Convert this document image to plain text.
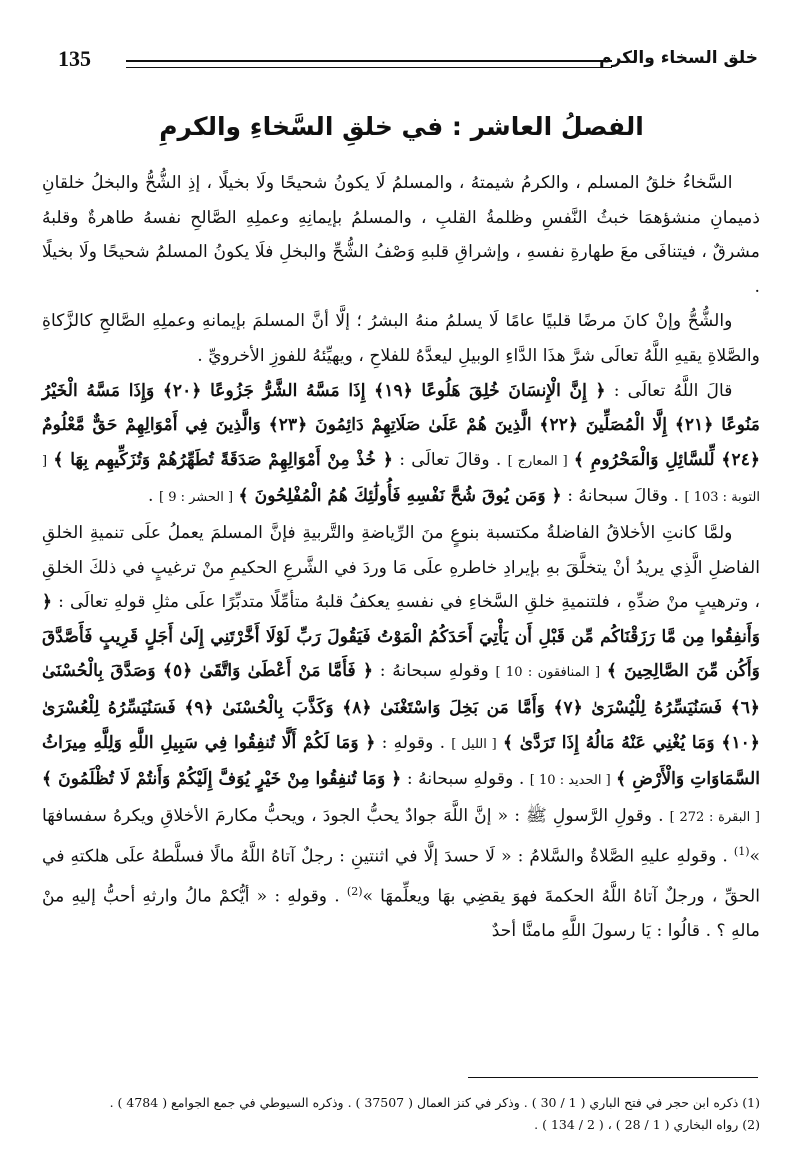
135	خلق السخاء والكرم
الفصلُ العاشر : في خلقِ السَّخاءِ والكرمِ

السَّخاءُ خلقُ المسلم ، والكرمُ شيمتهُ ، والمسلمُ لَا يكونُ شحيحًا ولَا بخيلًا ، إذِ الشُّحُّ والبخلُ خلقانِ ذميمانِ منشؤهمَا خبثُ النَّفسِ وظلمةُ القلبِ ، والمسلمُ بإيمانِهِ وعملِهِ الصَّالحِ نفسهُ طاهرةٌ وقلبهُ مشرقٌ ، فيتنافَى معَ طهارةِ نفسهِ ، وإشراقِ قلبهِ وَصْفُ الشُّحِّ والبخلِ فلَا يكونُ المسلمُ شحيحًا ولَا بخيلًا .

والشُّحُّ وإنْ كانَ مرضًا قلبيًا عامًا لَا يسلمُ منهُ البشرُ ؛ إلَّا أنَّ المسلمَ بإيمانهِ وعملِهِ الصَّالحِ كالزَّكاةِ والصَّلاةِ يقيهِ اللَّهُ تعالَى شرَّ هذَا الدَّاءِ الوبيلِ ليعدَّهُ للفلاحِ ، ويهيِّئهُ للفوزِ الأخرويِّ .

قالَ اللَّهُ تعالَى : ﴿ إِنَّ الْإِنسَانَ خُلِقَ هَلُوعًا ﴿١٩﴾ إِذَا مَسَّهُ الشَّرُّ جَزُوعًا ﴿٢٠﴾ وَإِذَا مَسَّهُ الْخَيْرُ مَنُوعًا ﴿٢١﴾ إِلَّا الْمُصَلِّينَ ﴿٢٢﴾ الَّذِينَ هُمْ عَلَىٰ صَلَاتِهِمْ دَائِمُونَ ﴿٢٣﴾ وَالَّذِينَ فِي أَمْوَالِهِمْ حَقٌّ مَّعْلُومٌ ﴿٢٤﴾ لِّلسَّائِلِ وَالْمَحْرُومِ ﴾ [ المعارج ] . وقالَ تعالَى : ﴿ خُذْ مِنْ أَمْوَالِهِمْ صَدَقَةً تُطَهِّرُهُمْ وَتُزَكِّيهِم بِهَا ﴾ [ التوبة : 103 ] . وقالَ سبحانهُ : ﴿ وَمَن يُوقَ شُحَّ نَفْسِهِ فَأُولَٰئِكَ هُمُ الْمُفْلِحُونَ ﴾ [ الحشر : 9 ] .

ولمَّا كانتِ الأخلاقُ الفاضلةُ مكتسبة بنوعٍ منَ الرِّياضةِ والتَّربيةِ فإنَّ المسلمَ يعملُ علَى تنميةِ الخلقِ الفاضلِ الَّذِي يريدُ أنْ يتخلَّقَ بهِ بإيرادِ خاطرهِ علَى مَا وردَ في الشَّرعِ الحكيمِ منْ ترغيبٍ في ذلكَ الخلقِ ، وترهيبٍ منْ ضدِّهِ ، فلتنميةِ خلقِ السَّخاءِ في نفسهِ يعكفُ قلبهُ متأمِّلًا متدبِّرًا علَى مثلِ قولهِ تعالَى : ﴿ وَأَنفِقُوا مِن مَّا رَزَقْنَاكُم مِّن قَبْلِ أَن يَأْتِيَ أَحَدَكُمُ الْمَوْتُ فَيَقُولَ رَبِّ لَوْلَا أَخَّرْتَنِي إِلَىٰ أَجَلٍ قَرِيبٍ فَأَصَّدَّقَ وَأَكُن مِّنَ الصَّالِحِينَ ﴾ [ المنافقون : 10 ] وقولهِ سبحانهُ : ﴿ فَأَمَّا مَنْ أَعْطَىٰ وَاتَّقَىٰ ﴿٥﴾ وَصَدَّقَ بِالْحُسْنَىٰ ﴿٦﴾ فَسَنُيَسِّرُهُ لِلْيُسْرَىٰ ﴿٧﴾ وَأَمَّا مَن بَخِلَ وَاسْتَغْنَىٰ ﴿٨﴾ وَكَذَّبَ بِالْحُسْنَىٰ ﴿٩﴾ فَسَنُيَسِّرُهُ لِلْعُسْرَىٰ ﴿١٠﴾ وَمَا يُغْنِي عَنْهُ مَالُهُ إِذَا تَرَدَّىٰ ﴾ [ الليل ] . وقولهِ : ﴿ وَمَا لَكُمْ أَلَّا تُنفِقُوا فِي سَبِيلِ اللَّهِ وَلِلَّهِ مِيرَاثُ السَّمَاوَاتِ وَالْأَرْضِ ﴾ [ الحديد : 10 ] . وقولهِ سبحانهُ : ﴿ وَمَا تُنفِقُوا مِنْ خَيْرٍ يُوَفَّ إِلَيْكُمْ وَأَنتُمْ لَا تُظْلَمُونَ ﴾ [ البقرة : 272 ] . وقولِ الرَّسولِ ﷺ : « إنَّ اللَّهَ جوادٌ يحبُّ الجودَ ، ويحبُّ مكارمَ الأخلاقِ ويكرهُ سفسافهَا »$^{(1)}$ . وقولهِ عليهِ الصَّلاةُ والسَّلامُ : « لَا حسدَ إلَّا في اثنتينِ : رجلٌ آتاهُ اللَّهُ مالًا فسلَّطهُ علَى هلكتهِ في الحقِّ ، ورجلٌ آتاهُ اللَّهُ الحكمةَ فهوَ يقضِي بهَا ويعلِّمهَا »$^{(2)}$ . وقولهِ : « أيُّكمْ مالُ وارثهِ أحبُّ إليهِ منْ مالهِ ؟ . قالُوا : يَا رسولَ اللَّهِ مامنَّا أحدٌ

(1) ذكره ابن حجر في فتح الباري ( 1 / 30 ) . وذكر في كنز العمال ( 37507 ) . وذكره السيوطي في جمع الجوامع ( 4784 ) .
(2) رواه البخاري ( 1 / 28 ) ، ( 2 / 134 ) .
